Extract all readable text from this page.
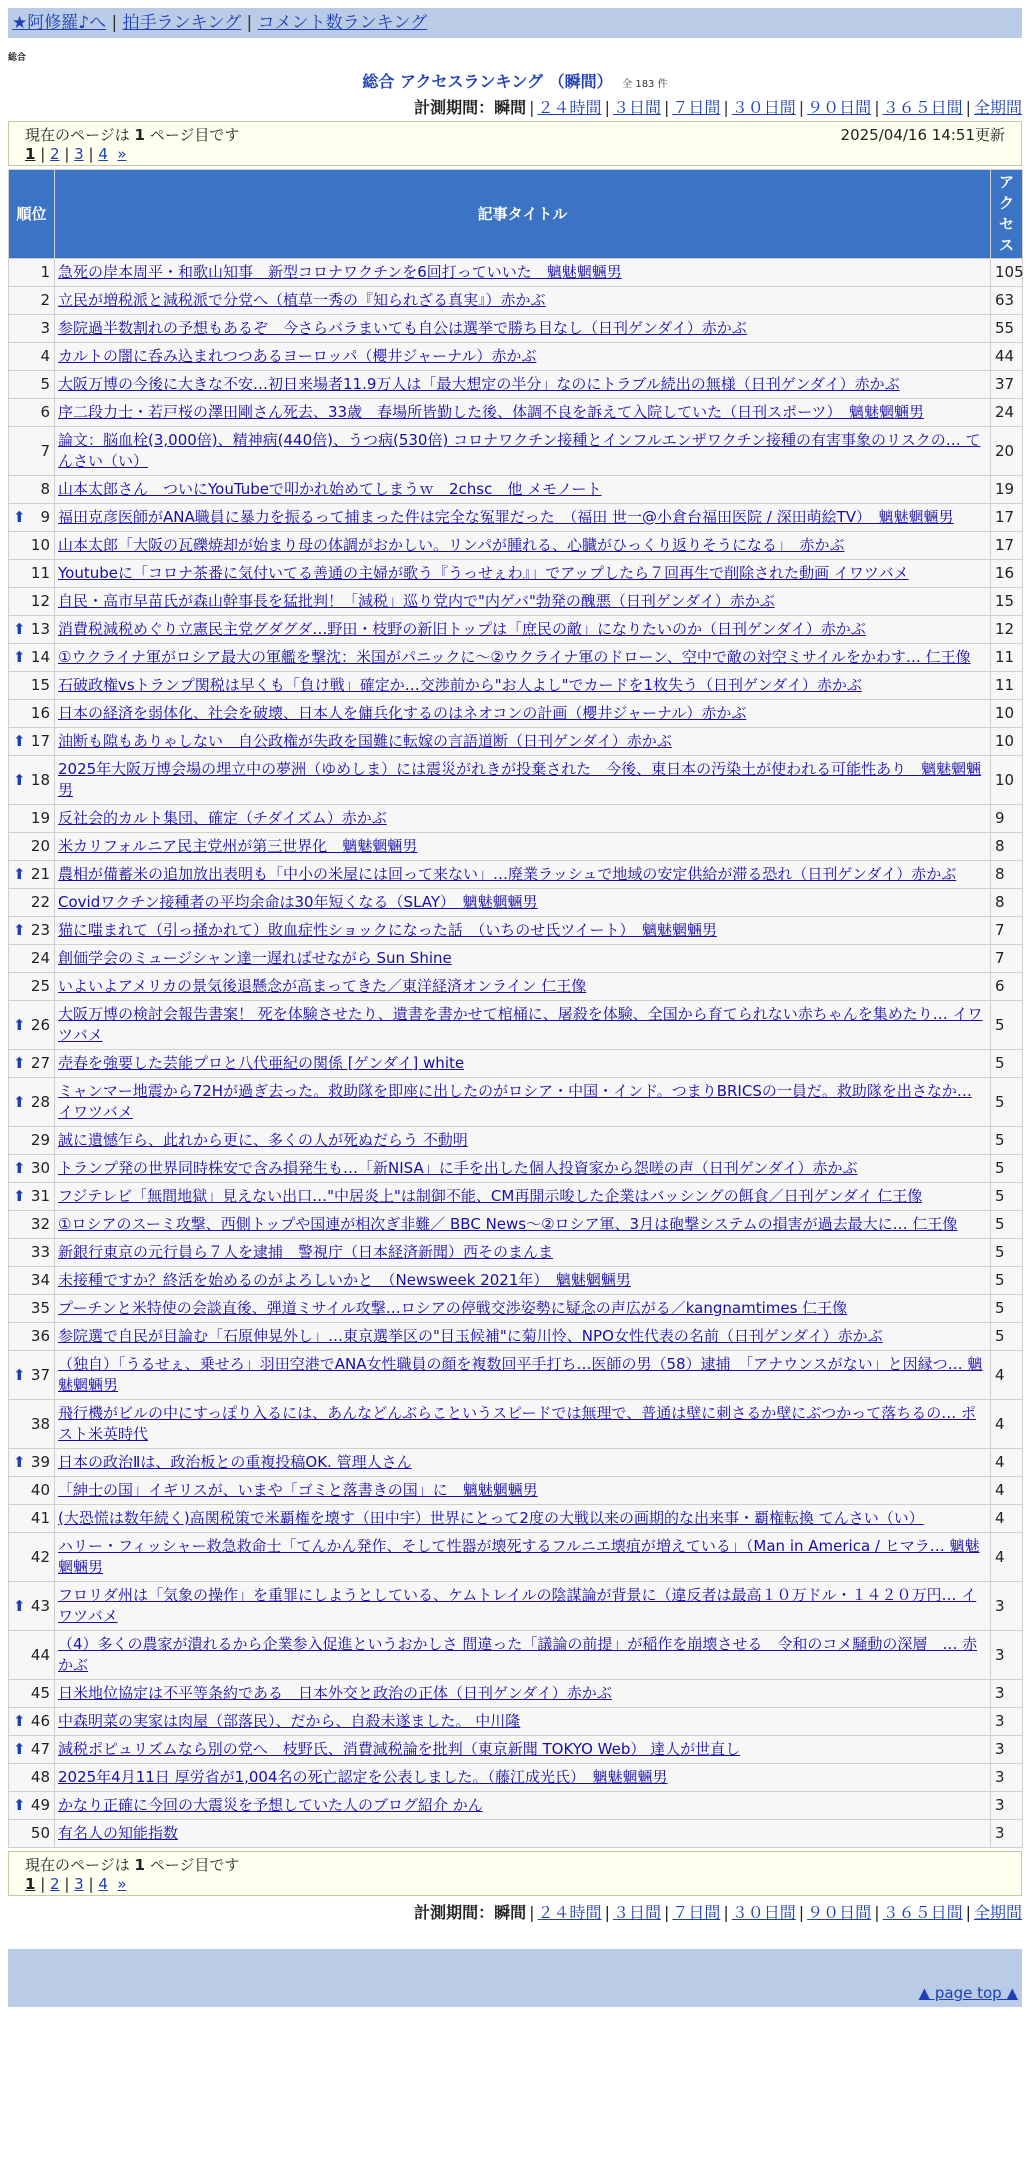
★阿修羅♪へ | 拍手ランキング | コメント数ランキング
総合
総合 アクセスランキング （瞬間） 全 183 件
計測期間：瞬間 | ２４時間 | ３日間 | ７日間 | ３０日間 | ９０日間 | ３６５日間 | 全期間
現在のページは 1 ページ目です	2025/04/16 14:51更新
1 | 2 | 3 | 4 »
順位	記事タイトル	アクセス
1	急死の岸本周平・和歌山知事　新型コロナワクチンを6回打っていいた　魑魅魍魎男	105
2	立民が増税派と減税派で分党へ（植草一秀の『知られざる真実』）赤かぶ	63
3	参院過半数割れの予想もあるぞ　今さらバラまいても自公は選挙で勝ち目なし（日刊ゲンダイ）赤かぶ	55
4	カルトの闇に呑み込まれつつあるヨーロッパ（櫻井ジャーナル）赤かぶ	44
5	大阪万博の今後に大きな不安…初日来場者11.9万人は「最大想定の半分」なのにトラブル続出の無様（日刊ゲンダイ）赤かぶ	37
6	序二段力士・若戸桜の澤田剛さん死去、33歳　春場所皆勤した後、体調不良を訴えて入院していた（日刊スポーツ）　魑魅魍魎男	24
7	論文：脳血栓(3,000倍)、精神病(440倍)、うつ病(530倍) コロナワクチン接種とインフルエンザワクチン接種の有害事象のリスクの… てんさい（い）	20
8	山本太郎さん　ついにYouTubeで叩かれ始めてしまうｗ　2chsc　他 メモノート	19

⬆ 9	福田克彦医師がANA職員に暴力を振るって捕まった件は完全な冤罪だった　（福田 世一@小倉台福田医院 / 深田萌絵TV）　魑魅魍魎男	17
10	山本太郎「大阪の瓦礫焼却が始まり母の体調がおかしい。リンパが腫れる、心臓がひっくり返りそうになる」　赤かぶ	17
11	Youtubeに「コロナ茶番に気付いてる善通の主婦が歌う『うっせぇわ』」でアップしたら７回再生で削除された動画 イワツバメ	16
12	自民・高市早苗氏が森山幹事長を猛批判！「減税」巡り党内で"内ゲバ"勃発の醜悪（日刊ゲンダイ）赤かぶ	15

⬆ 13	消費税減税めぐり立憲民主党グダグダ…野田・枝野の新旧トップは「庶民の敵」になりたいのか（日刊ゲンダイ）赤かぶ	12

⬆ 14	①ウクライナ軍がロシア最大の軍艦を撃沈：米国がパニックに～②ウクライナ軍のドローン、空中で敵の対空ミサイルをかわす… 仁王像	11
15	石破政権vsトランプ関税は早くも「負け戦」確定か…交渉前から"お人よし"でカードを1枚失う（日刊ゲンダイ）赤かぶ	11
16	日本の経済を弱体化、社会を破壊、日本人を傭兵化するのはネオコンの計画（櫻井ジャーナル）赤かぶ	10

⬆ 17	油断も隙もありゃしない　自公政権が失政を国難に転嫁の言語道断（日刊ゲンダイ）赤かぶ	10

⬆ 18	2025年大阪万博会場の埋立中の夢洲（ゆめしま）には震災がれきが投棄された　今後、東日本の汚染土が使われる可能性あり　魑魅魍魎男	10
19	反社会的カルト集団、確定（チダイズム）赤かぶ	9
20	米カリフォルニア民主党州が第三世界化　魑魅魍魎男	8

⬆ 21	農相が備蓄米の追加放出表明も「中小の米屋には回って来ない」…廃業ラッシュで地域の安定供給が滞る恐れ（日刊ゲンダイ）赤かぶ	8
22	Covidワクチン接種者の平均余命は30年短くなる（SLAY）　魑魅魍魎男	8

⬆ 23	猫に嗤まれて（引っ掻かれて）敗血症性ショックになった話　（いちのせ氏ツイート）　魑魅魍魎男	7
24	創価学会のミュージシャン達一遅ればせながら Sun Shine	7
25	いよいよアメリカの景気後退懸念が高まってきた／東洋経済オンライン 仁王像	6

⬆ 26	大阪万博の検討会報告書案！ 死を体験させたり、遺書を書かせて棺桶に、屠殺を体験、全国から育てられない赤ちゃんを集めたり… イワツバメ	5

⬆ 27	売春を強要した芸能プロと八代亜紀の関係 [ゲンダイ] white	5

⬆ 28	ミャンマー地震から72Hが過ぎ去った。救助隊を即座に出したのがロシア・中国・インド。つまりBRICSの一員だ。救助隊を出さなか… イワツバメ	5
29	誠に遺憾乍ら、此れから更に、多くの人が死ぬだらう 不動明	5

⬆ 30	トランプ発の世界同時株安で含み損発生も…「新NISA」に手を出した個人投資家から怨嗟の声（日刊ゲンダイ）赤かぶ	5

⬆ 31	フジテレビ「無間地獄」見えない出口…"中居炎上"は制御不能、CM再開示唆した企業はバッシングの餌食／日刊ゲンダイ 仁王像	5
32	①ロシアのスーミ攻撃、西側トップや国連が相次ぎ非難／ BBC News～②ロシア軍、3月は砲撃システムの損害が過去最大に… 仁王像	5
33	新銀行東京の元行員ら７人を逮捕　警視庁（日本経済新聞）西そのまんま	5
34	未接種ですか？終活を始めるのがよろしいかと　（Newsweek 2021年）　魑魅魍魎男	5
35	プーチンと米特使の会談直後、弾道ミサイル攻撃…ロシアの停戦交渉姿勢に疑念の声広がる／kangnamtimes 仁王像	5
36	参院選で自民が目論む「石原伸晃外し」…東京選挙区の"目玉候補"に菊川怜、NPO女性代表の名前（日刊ゲンダイ）赤かぶ	5

⬆ 37	（独自）「うるせぇ、乗せろ」羽田空港でANA女性職員の顔を複数回平手打ち…医師の男（58）逮捕　「アナウンスがない」と因縁つ… 魑魅魍魎男	4
38	飛行機がビルの中にすっぽり入るには、あんなどんぶらこというスピードでは無理で、普通は壁に刺さるか壁にぶつかって落ちるの… ポスト米英時代	4

⬆ 39	日本の政治Ⅱは、政治板との重複投稿OK. 管理人さん	4
40	「紳士の国」イギリスが、いまや「ゴミと落書きの国」に　魑魅魍魎男	4
41	(大恐慌は数年続く)高関税策で米覇権を壊す（田中宇）世界にとって2度の大戦以来の画期的な出来事・覇権転換 てんさい（い）	4
42	ハリー・フィッシャー救急救命士「てんかん発作、そして性器が壊死するフルニエ壊疽が増えている」（Man in America / ヒマラ… 魑魅魍魎男	4

⬆ 43	フロリダ州は「気象の操作」を重罪にしようとしている、ケムトレイルの陰謀論が背景に（違反者は最高１０万ドル・１４２０万円… イワツバメ	3
44	（4）多くの農家が潰れるから企業参入促進というおかしさ 間違った「議論の前提」が稲作を崩壊させる　令和のコメ騒動の深層　… 赤かぶ	3
45	日米地位協定は不平等条約である　日本外交と政治の正体（日刊ゲンダイ）赤かぶ	3

⬆ 46	中森明菜の実家は肉屋（部落民）、だから、自殺未遂ました。 中川隆	3

⬆ 47	減税ポピュリズムなら別の党へ　枝野氏、消費減税論を批判（東京新聞 TOKYO Web） 達人が世直し	3
48	2025年4月11日 厚労省が1,004名の死亡認定を公表しました。（藤江成光氏）　魑魅魍魎男	3

⬆ 49	かなり正確に今回の大震災を予想していた人のブログ紹介 かん	3
50	有名人の知能指数	3
現在のページは 1 ページ目です
1 | 2 | 3 | 4 »
計測期間：瞬間 | ２４時間 | ３日間 | ７日間 | ３０日間 | ９０日間 | ３６５日間 | 全期間
▲ page top ▲
